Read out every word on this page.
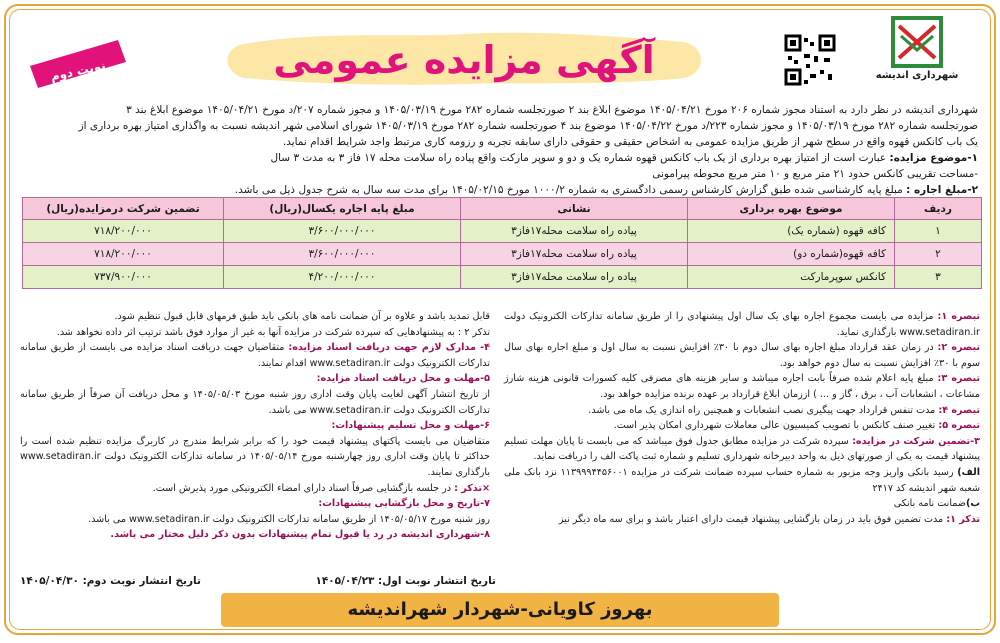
شهرداری اندیشه
آگهی مزایده عمومی
نوبت دوم

شهرداری اندیشه در نظر دارد به استناد مجوز شماره ۲۰۶ مورخ ۱۴۰۵/۰۴/۲۱ موضوع ابلاغ بند ۲ صورتجلسه شماره ۲۸۲ مورخ ۱۴۰۵/۰۳/۱۹ و مجوز شماره ۲۰۷/د مورخ ۱۴۰۵/۰۴/۲۱ موضوع ابلاغ بند ۳

صورتجلسه شماره ۲۸۲ مورخ ۱۴۰۵/۰۳/۱۹ و مجوز شماره ۲۲۳/د مورخ ۱۴۰۵/۰۴/۲۲ موضوع بند ۴ صورتجلسه شماره ۲۸۲ مورخ ۱۴۰۵/۰۳/۱۹ شورای اسلامی شهر اندیشه نسبت به واگذاری امتیاز بهره برداری از

یک باب کانکس قهوه واقع در سطح شهر از طریق مزایده عمومی به اشخاص حقیقی و حقوقی دارای سابقه تجربه و رزومه کاری مرتبط واجد شرایط اقدام نماید.

۱-موضوع مزایده: عبارت است از امتیاز بهره برداری از یک باب کانکس قهوه شماره یک و دو و سوپر مارکت واقع پیاده راه سلامت محله ۱۷ فاز ۳ به مدت ۳ سال

-مساحت تقریبی کانکس حدود ۲۱ متر مربع و ۱۰ متر مربع محوطه پیرامونی

۲-مبلغ اجاره : مبلغ پایه کارشناسی شده طبق گزارش کارشناس رسمی دادگستری به شماره ۱۰۰۰/۲ مورخ ۱۴۰۵/۰۲/۱۵ برای مدت سه سال به شرح جدول ذیل می باشد.

ردیف	موضوع بهره برداری	نشانی	مبلغ پایه اجاره یکسال(ریال)	تضمین شرکت درمزایده(ریال)
۱	کافه قهوه (شماره یک)	پیاده راه سلامت محله۱۷فاز۳	۳/۶۰۰/۰۰۰/۰۰۰	۷۱۸/۲۰۰/۰۰۰
۲	کافه قهوه(شماره دو)	پیاده راه سلامت محله۱۷فاز۳	۳/۶۰۰/۰۰۰/۰۰۰	۷۱۸/۲۰۰/۰۰۰
۳	کانکس سوپرمارکت	پیاده راه سلامت محله۱۷فاز۳	۴/۲۰۰/۰۰۰/۰۰۰	۷۳۷/۹۰۰/۰۰۰

تبصره ۱: مزایده می بایست مجموع اجاره بهای یک سال اول پیشنهادی را از طریق سامانه تدارکات الکترونیک دولت www.setadiran.ir بارگذاری نماید.

تبصره ۲: در زمان عقد قرارداد مبلغ اجاره بهای سال دوم با ۳۰٪ افزایش نسبت به سال اول و مبلغ اجاره بهای سال سوم با ۳۰٪ افزایش نسبت به سال دوم خواهد بود.

تبصره ۳: مبلغ پایه اعلام شده صرفاً بابت اجاره میباشد و سایر هزینه های مصرفی کلیه کسورات قانونی هزینه شارژ مشاعات ، انشعابات آب ، برق ، گاز و ... ) اززمان ابلاغ قرارداد بر عهده برنده مزایده خواهد بود.

تبصره ۴: مدت تنفس قرارداد جهت پیگیری نصب انشعابات و همچنین راه اندازی یک ماه می باشد.

تبصره ۵: تغییر صنف کانکس با تصویب کمیسیون عالی معاملات شهرداری امکان پذیر است.

۳-تضمین شرکت در مزایده: سپرده شرکت در مزایده مطابق جدول فوق میباشد که می بایست تا پایان مهلت تسلیم پیشنهاد قیمت به یکی از صورتهای ذیل به واحد دبیرخانه شهرداری تسلیم و شماره ثبت پاکت الف را دریافت نماید.

الف) رسید بانکی واریز وجه مزبور به شماره حساب سپرده ضمانت شرکت در مزایده ۱۱۳۹۹۹۴۴۵۶۰۰۱ نزد بانک ملی شعبه شهر اندیشه کد ۲۴۱۷

ب)ضمانت نامه بانکی

تذکر ۱: مدت تضمین فوق باید در زمان بازگشایی پیشنهاد قیمت دارای اعتبار باشد و برای سه ماه دیگر نیز

قابل تمدید باشد و علاوه بر آن ضمانت نامه های بانکی باید طبق فرمهای قابل قبول تنظیم شود.

تذکر ۲ : به پیشنهادهایی که سپرده شرکت در مزایده آنها به غیر از موارد فوق باشد ترتیب اثر داده نخواهد شد.

۴- مدارک لازم جهت دریافت اسناد مزایده: متقاضیان جهت دریافت اسناد مزایده می بایست از طریق سامانه تدارکات الکترونیک دولت www.setadiran.ir اقدام نمایند.

۵-مهلت و محل دریافت اسناد مزایده:

از تاریخ انتشار آگهی لغایت پایان وقت اداری روز شنبه مورخ ۱۴۰۵/۰۵/۰۳ و محل دریافت آن صرفاً از طریق سامانه تدارکات الکترونیک دولت www.setadiran.ir می باشد.

۶-مهلت و محل تسلیم پیشنهادات:

متقاضیان می بایست پاکتهای پیشنهاد قیمت خود را که برابر شرایط مندرج در کاربرگ مزایده تنظیم شده است را حداکثر تا پایان وقت اداری روز چهارشنبه مورخ ۱۴۰۵/۰۵/۱۴ در سامانه تدارکات الکترونیک دولت www.setadiran.ir بارگذاری نمایند.

×تذکر : در جلسه بازگشایی صرفاً اسناد دارای امضاء الکترونیکی مورد پذیرش است.

۷-تاریخ و محل بازگشایی پیشنهادات:

روز شنبه مورخ ۱۴۰۵/۰۵/۱۷ از طریق سامانه تدارکات الکترونیک دولت www.setadiran.ir می باشد.

۸-شهرداری اندیشه در رد یا قبول تمام پیشنهادات بدون ذکر دلیل مختار می باشد.

تاریخ انتشار نوبت اول: ۱۴۰۵/۰۴/۲۳
تاریخ انتشار نوبت دوم: ۱۴۰۵/۰۴/۳۰
بهروز کاویانی-شهردار شهراندیشه
